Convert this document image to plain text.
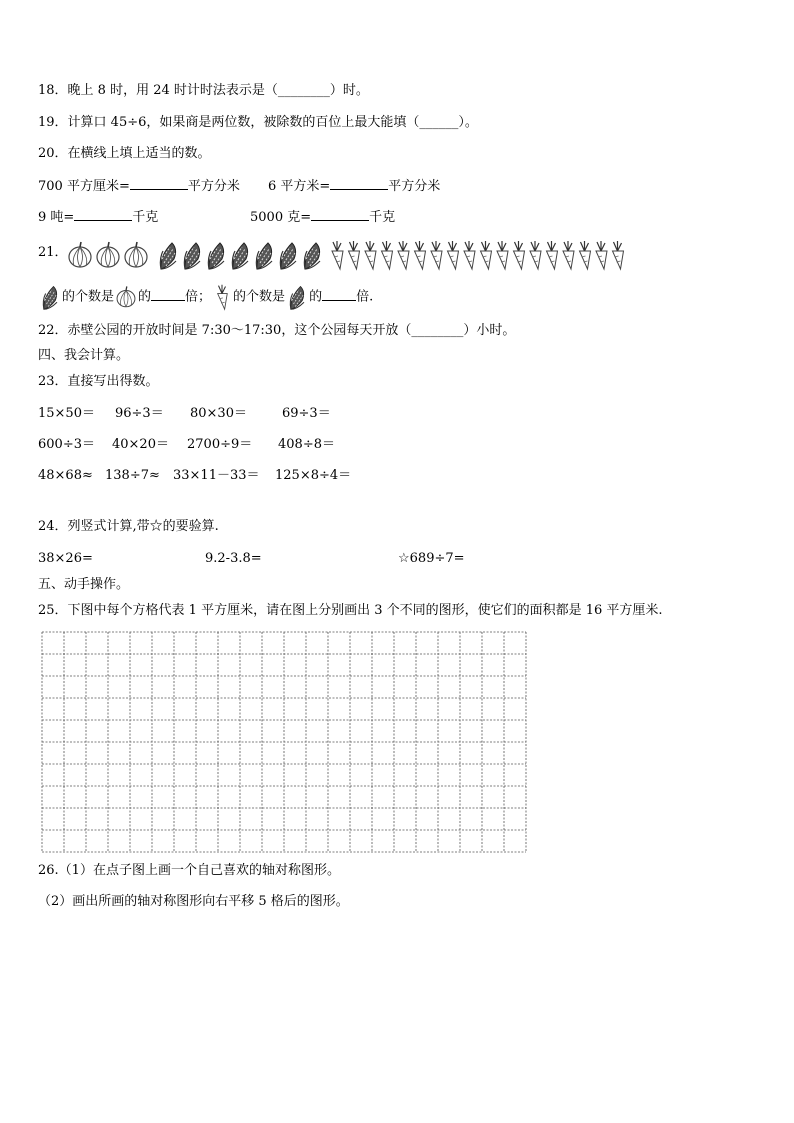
18．晚上 8 时，用 24 时计时法表示是（________）时。
19．计算口 45÷6，如果商是两位数，被除数的百位上最大能填（______）。
20．在横线上填上适当的数。
700 平方厘米=	平方分米 6 平方米=	平方分米
9 吨=	千克	5000 克=	千克
21．
的个数是 的	倍； 的个数是 的	倍.
22．赤壁公园的开放时间是 7:30～17:30，这个公园每天开放（________）小时。
四、我会计算。
23．直接写出得数。
15×50＝ 96÷3＝ 80×30＝	69÷3＝
600÷3＝ 40×20＝ 2700÷9＝ 408÷8＝
48×68≈ 138÷7≈ 33×11－33＝ 125×8÷4＝
24．列竖式计算,带☆的要验算.
38×26=	9.2-3.8=	☆689÷7=
五、动手操作。
25．下图中每个方格代表 1 平方厘米，请在图上分别画出 3 个不同的图形，使它们的面积都是 16 平方厘米.
26.（1）在点子图上画一个自己喜欢的轴对称图形。
（2）画出所画的轴对称图形向右平移 5 格后的图形。
